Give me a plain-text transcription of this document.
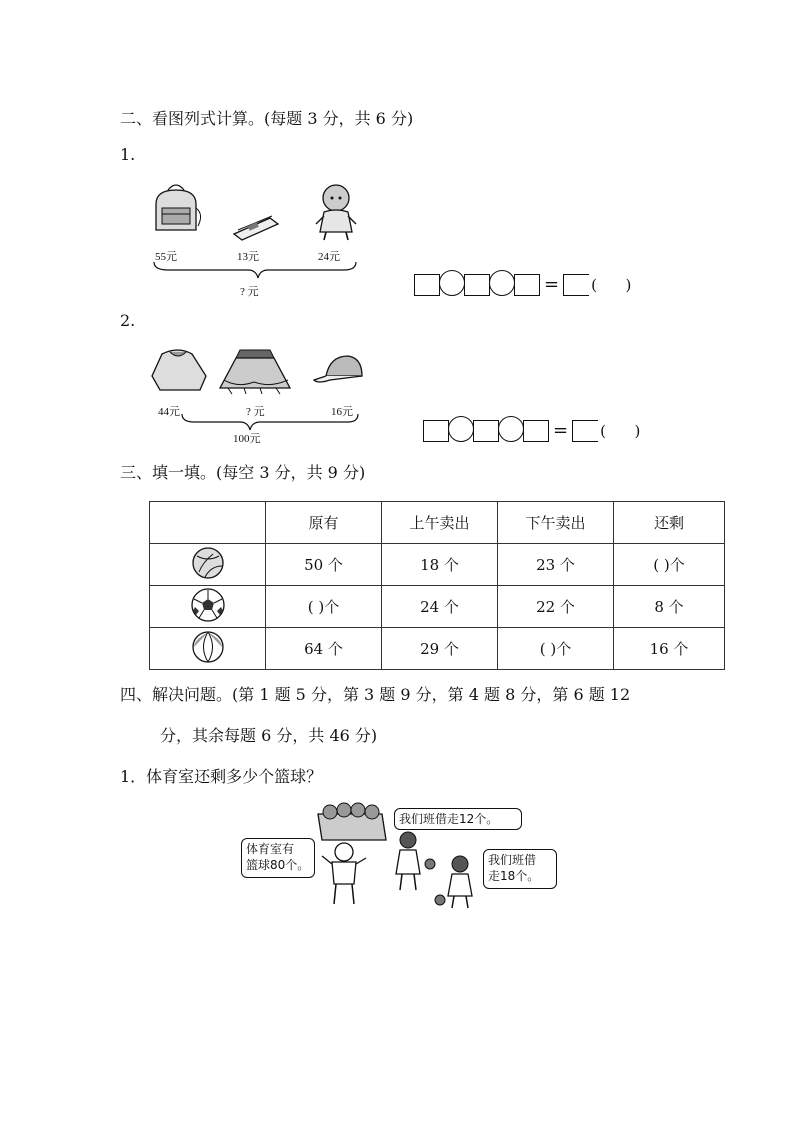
二、看图列式计算。(每题 3 分，共 6 分)
1.
55元	13元	24元
? 元	= (      )
2.
44元	? 元	16元
100元	= (      )
三、填一填。(每空 3 分，共 9 分)
	原有	上午卖出	下午卖出	还剩
	50 个	18 个	23 个	( )个
	( )个	24 个	22 个	8 个
	64 个	29 个	( )个	16 个
四、解决问题。(第 1 题 5 分，第 3 题 9 分，第 4 题 8 分，第 6 题 12
分，其余每题 6 分，共 46 分)
1．体育室还剩多少个篮球？
体育室有
篮球80个。
我们班借走12个。
我们班借
走18个。
